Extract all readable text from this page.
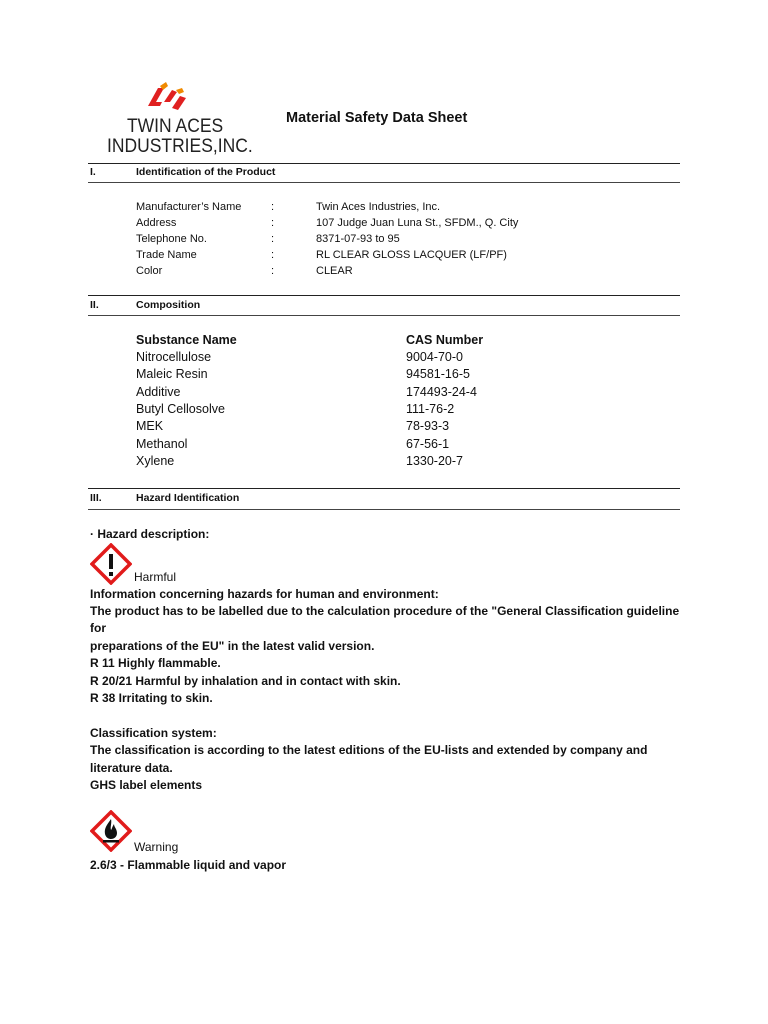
TWIN ACES
INDUSTRIES,INC.
Material Safety Data Sheet
I.	Identification of the Product
Manufacturer’s Name	:	Twin Aces Industries, Inc.
Address	:	107 Judge Juan Luna St., SFDM., Q. City
Telephone No.	:	8371-07-93 to 95
Trade Name	:	RL CLEAR GLOSS LACQUER (LF/PF)
Color	:	CLEAR
II.	Composition
Substance Name	CAS Number
Nitrocellulose	9004-70-0
Maleic Resin	94581-16-5
Additive	174493-24-4
Butyl Cellosolve	111-76-2
MEK	78-93-3
Methanol	67-56-1
Xylene	1330-20-7
III.	Hazard Identification
· Hazard description:
Harmful
Information concerning hazards for human and environment:
The product has to be labelled due to the calculation procedure of the "General Classification guideline
for
preparations of the EU" in the latest valid version.
R 11 Highly flammable.
R 20/21 Harmful by inhalation and in contact with skin.
R 38 Irritating to skin.
Classification system:
The classification is according to the latest editions of the EU-lists and extended by company and
literature data.
GHS label elements
Warning
2.6/3 - Flammable liquid and vapor
